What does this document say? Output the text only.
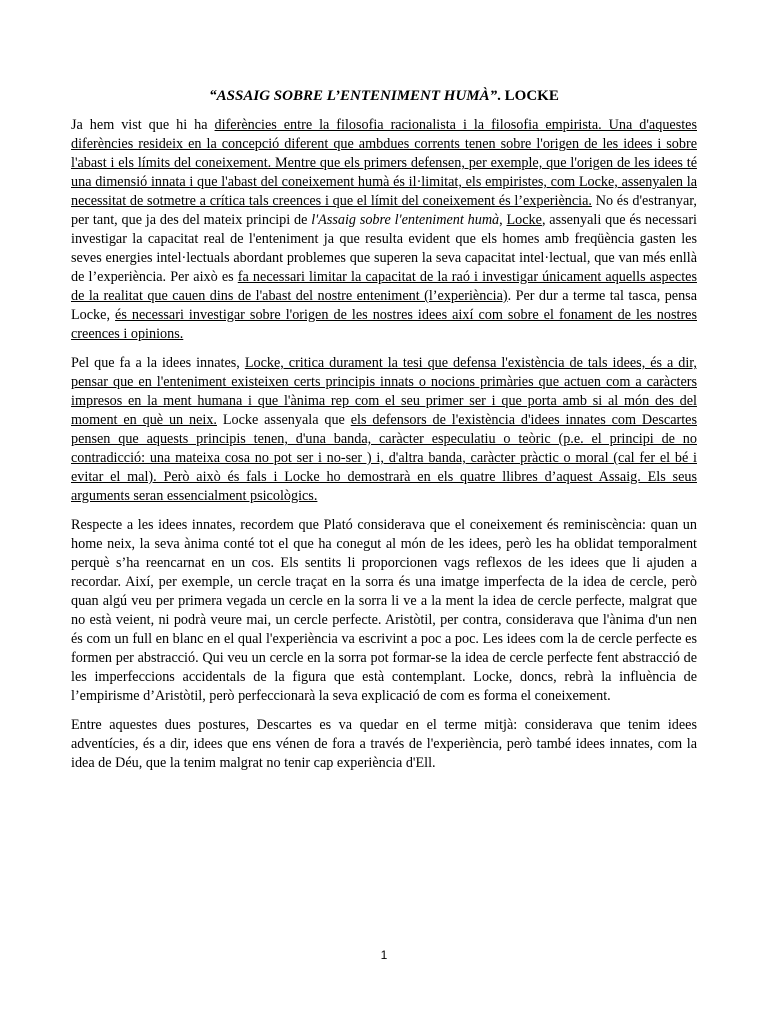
“ASSAIG SOBRE L’ENTENIMENT HUMÀ”. LOCKE

Ja hem vist que hi ha diferències entre la filosofia racionalista i la filosofia empirista. Una d'aquestes diferències resideix en la concepció diferent que ambdues corrents tenen sobre l'origen de les idees i sobre l'abast i els límits del coneixement. Mentre que els primers defensen, per exemple, que l'origen de les idees té una dimensió innata i que l'abast del coneixement humà és il·limitat, els empiristes, com Locke, assenyalen la necessitat de sotmetre a crítica tals creences i que el límit del coneixement és l’experiència. No és d'estranyar, per tant, que ja des del mateix principi de l'Assaig sobre l'enteniment humà, Locke, assenyali que és necessari investigar la capacitat real de l'enteniment ja que resulta evident que els homes amb freqüència gasten les seves energies intel·lectuals abordant problemes que superen la seva capacitat intel·lectual, que van més enllà de l’experiència. Per això es fa necessari limitar la capacitat de la raó i investigar únicament aquells aspectes de la realitat que cauen dins de l'abast del nostre enteniment (l’experiència). Per dur a terme tal tasca, pensa Locke, és necessari investigar sobre l'origen de les nostres idees així com sobre el fonament de les nostres creences i opinions.

Pel que fa a la idees innates, Locke, critica durament la tesi que defensa l'existència de tals idees, és a dir, pensar que en l'enteniment existeixen certs principis innats o nocions primàries que actuen com a caràcters impresos en la ment humana i que l'ànima rep com el seu primer ser i que porta amb si al món des del moment en què un neix. Locke assenyala que els defensors de l'existència d'idees innates com Descartes pensen que aquests principis tenen, d'una banda, caràcter especulatiu o teòric (p.e. el principi de no contradicció: una mateixa cosa no pot ser i no-ser ) i, d'altra banda, caràcter pràctic o moral (cal fer el bé i evitar el mal). Però això és fals i Locke ho demostrarà en els quatre llibres d’aquest Assaig. Els seus arguments seran essencialment psicològics.

Respecte a les idees innates, recordem que Plató considerava que el coneixement és reminiscència: quan un home neix, la seva ànima conté tot el que ha conegut al món de les idees, però les ha oblidat temporalment perquè s’ha reencarnat en un cos. Els sentits li proporcionen vags reflexos de les idees que li ajuden a recordar. Així, per exemple, un cercle traçat en la sorra és una imatge imperfecta de la idea de cercle, però quan algú veu per primera vegada un cercle en la sorra li ve a la ment la idea de cercle perfecte, malgrat que no està veient, ni podrà veure mai, un cercle perfecte. Aristòtil, per contra, considerava que l'ànima d'un nen és com un full en blanc en el qual l'experiència va escrivint a poc a poc. Les idees com la de cercle perfecte es formen per abstracció. Qui veu un cercle en la sorra pot formar-se la idea de cercle perfecte fent abstracció de les imperfeccions accidentals de la figura que està contemplant. Locke, doncs, rebrà la influència de l’empirisme d’Aristòtil, però perfeccionarà la seva explicació de com es forma el coneixement.

Entre aquestes dues postures, Descartes es va quedar en el terme mitjà: considerava que tenim idees adventícies, és a dir, idees que ens vénen de fora a través de l'experiència, però també idees innates, com la idea de Déu, que la tenim malgrat no tenir cap experiència d'Ell.

1
